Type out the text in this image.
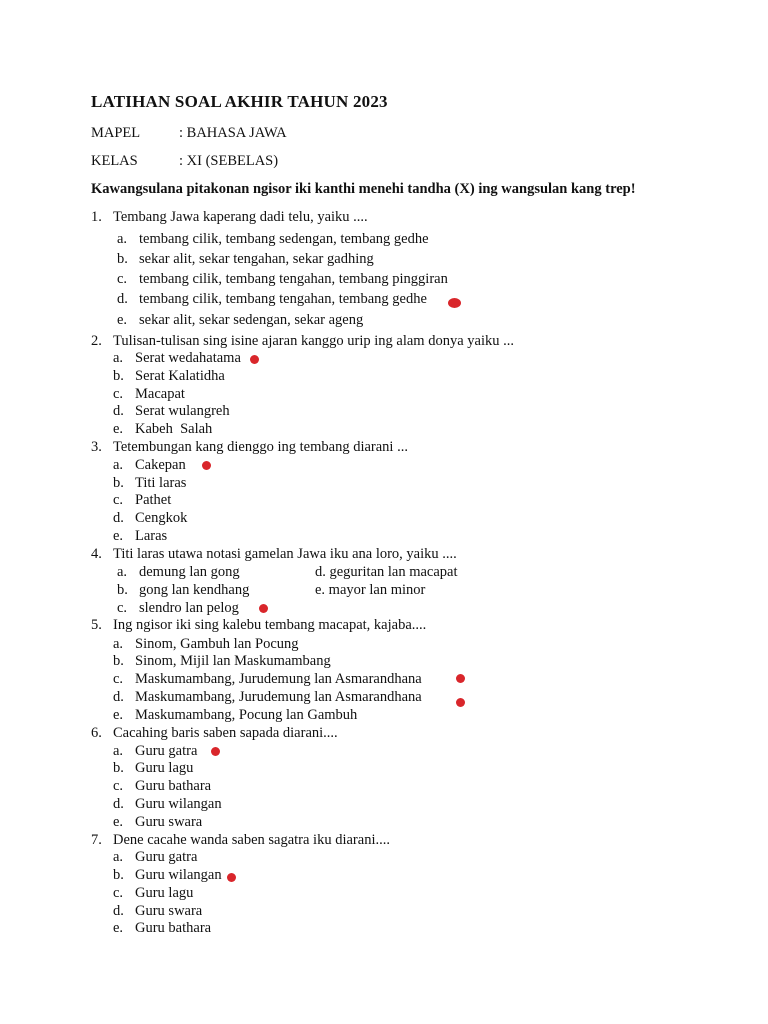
LATIHAN SOAL AKHIR TAHUN 2023
MAPEL	: BAHASA JAWA
KELAS	: XI (SEBELAS)
Kawangsulana pitakonan ngisor iki kanthi menehi tandha (X) ing wangsulan kang trep!
1. Tembang Jawa kaperang dadi telu, yaiku ....
a. tembang cilik, tembang sedengan, tembang gedhe
b. sekar alit, sekar tengahan, sekar gadhing
c. tembang cilik, tembang tengahan, tembang pinggiran
d. tembang cilik, tembang tengahan, tembang gedhe
e. sekar alit, sekar sedengan, sekar ageng
2. Tulisan-tulisan sing isine ajaran kanggo urip ing alam donya yaiku ...
a. Serat wedahatama
b. Serat Kalatidha
c. Macapat
d. Serat wulangreh
e. Kabeh  Salah
3. Tetembungan kang dienggo ing tembang diarani ...
a. Cakepan
b. Titi laras
c. Pathet
d. Cengkok
e. Laras
4. Titi laras utawa notasi gamelan Jawa iku ana loro, yaiku ....
a. demung lan gong	d. geguritan lan macapat
b. gong lan kendhang	e. mayor lan minor
c. slendro lan pelog
5. Ing ngisor iki sing kalebu tembang macapat, kajaba....
a. Sinom, Gambuh lan Pocung
b. Sinom, Mijil lan Maskumambang
c. Maskumambang, Jurudemung lan Asmarandhana
d. Maskumambang, Jurudemung lan Asmarandhana
e. Maskumambang, Pocung lan Gambuh
6. Cacahing baris saben sapada diarani....
a. Guru gatra
b. Guru lagu
c. Guru bathara
d. Guru wilangan
e. Guru swara
7. Dene cacahe wanda saben sagatra iku diarani....
a. Guru gatra
b. Guru wilangan
c. Guru lagu
d. Guru swara
e. Guru bathara
